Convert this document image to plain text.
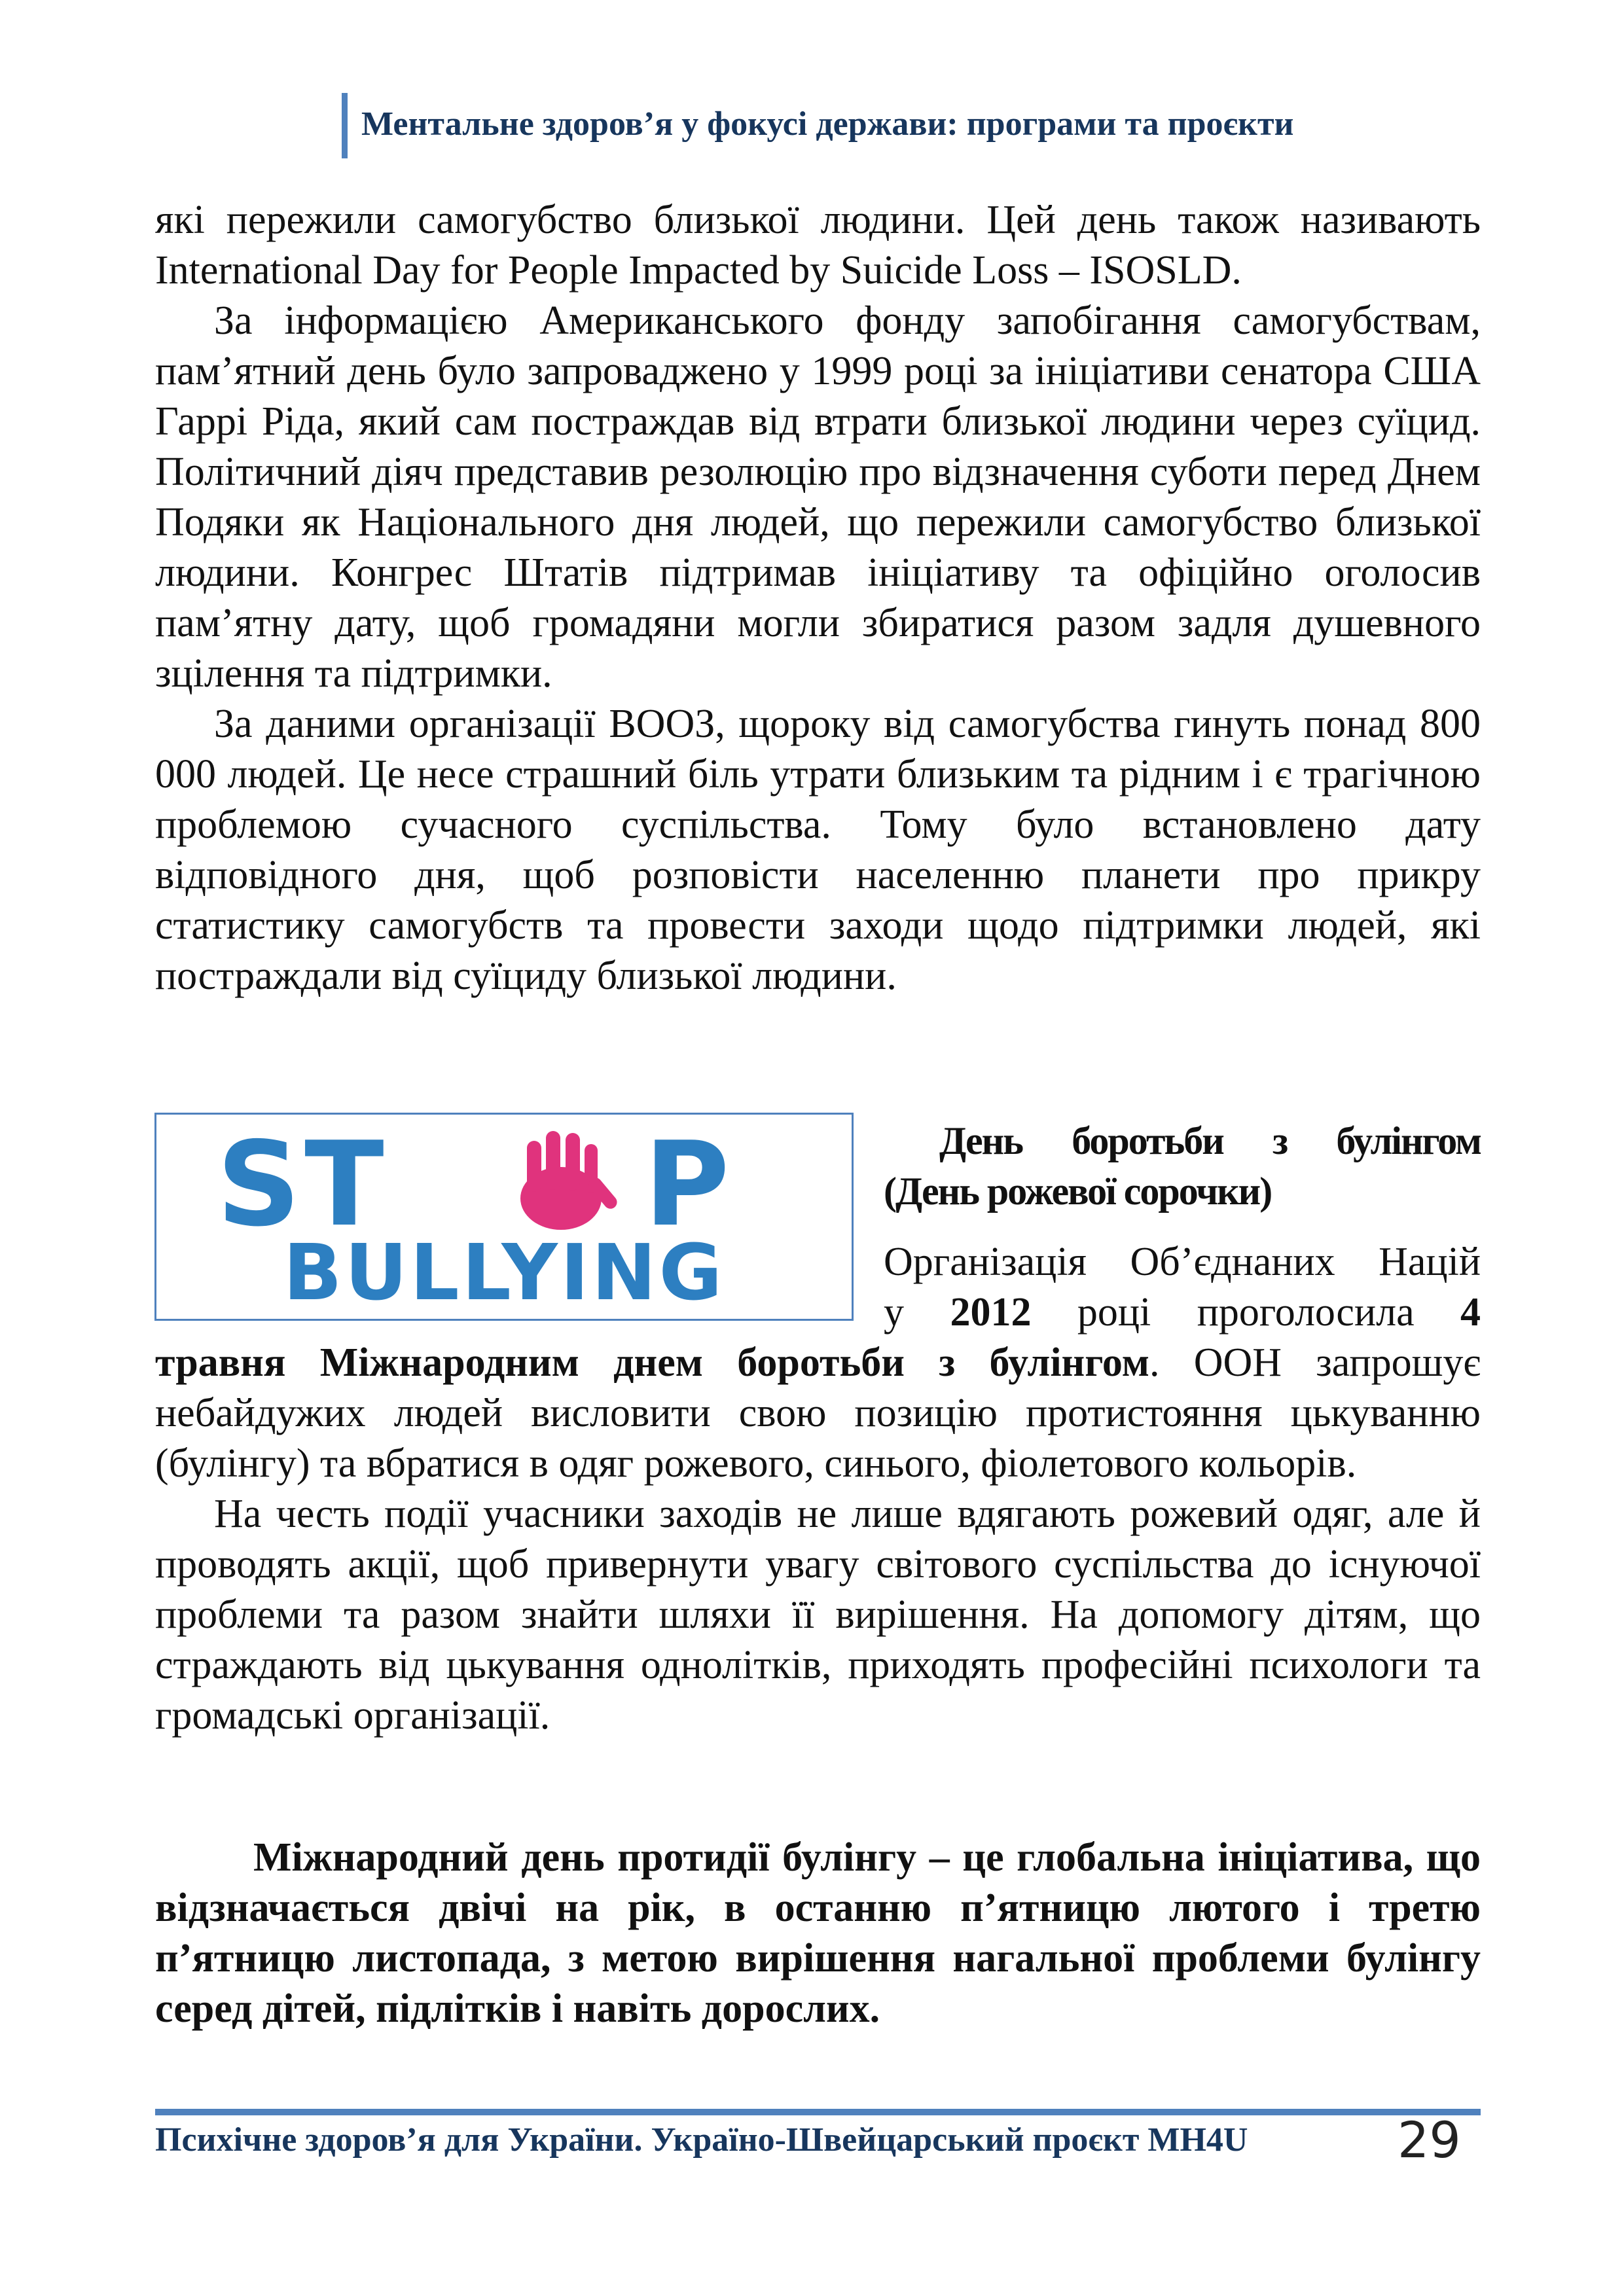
Ментальне здоров’я у фокусі держави: програми та проєкти

які пережили самогубство близької людини. Цей день також називають International Day for People Impacted by Suicide Loss – ISOSLD.

За інформацією Американського фонду запобігання самогубствам, пам’ятний день було запроваджено у 1999 році за ініціативи сенатора США Гаррі Ріда, який сам постраждав від втрати близької людини через суїцид. Політичний діяч представив резолюцію про відзначення суботи перед Днем Подяки як Національного дня людей, що пережили самогубство близької людини. Конгрес Штатів підтримав ініціативу та офіційно оголосив пам’ятну дату, щоб громадяни могли збиратися разом задля душевного зцілення та підтримки.

За даними організації ВООЗ, щороку від самогубства гинуть понад 800 000 людей. Це несе страшний біль утрати близьким та рідним і є трагічною проблемою сучасного суспільства. Тому було встановлено дату відповідного дня, щоб розповісти населенню планети про прикру статистику самогубств та провести заходи щодо підтримки людей, які постраждали від суїциду близької людини.

ST P
BULLYING

День боротьби з булінгом
(День рожевої сорочки)

Організація Об’єднаних Націй
у 2012 році проголосила 4

травня Міжнародним днем боротьби з булінгом. ООН запрошує небайдужих людей висловити свою позицію протистояння цькуванню (булінгу) та вбратися в одяг рожевого, синього, фіолетового кольорів.

На честь події учасники заходів не лише вдягають рожевий одяг, але й проводять акції, щоб привернути увагу світового суспільства до існуючої проблеми та разом знайти шляхи її вирішення. На допомогу дітям, що страждають від цькування однолітків, приходять професійні психологи та громадські організації.

Міжнародний день протидії булінгу – це глобальна ініціатива, що відзначається двічі на рік, в останню п’ятницю лютого і третю п’ятницю листопада, з метою вирішення нагальної проблеми булінгу серед дітей, підлітків і навіть дорослих.

Психічне здоров’я для України. Україно-Швейцарський проєкт MH4U	29
